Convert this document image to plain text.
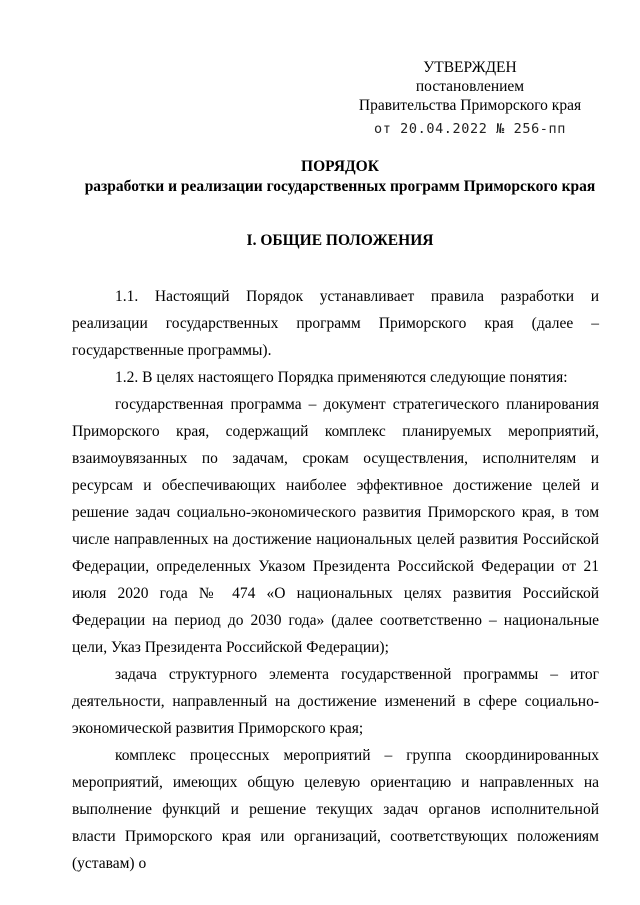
УТВЕРЖДЕН
постановлением
Правительства Приморского края
от 20.04.2022 № 256-пп
ПОРЯДОК
разработки и реализации государственных программ Приморского края
I. ОБЩИЕ ПОЛОЖЕНИЯ

1.1. Настоящий Порядок устанавливает правила разработки и реализации государственных программ Приморского края (далее – государственные программы).

1.2. В целях настоящего Порядка применяются следующие понятия:

государственная программа – документ стратегического планирования Приморского края, содержащий комплекс планируемых мероприятий, взаимоувязанных по задачам, срокам осуществления, исполнителям и ресурсам и обеспечивающих наиболее эффективное достижение целей и решение задач социально-экономического развития Приморского края, в том числе направленных на достижение национальных целей развития Российской Федерации, определенных Указом Президента Российской Федерации от 21 июля 2020 года № 474 «О национальных целях развития Российской Федерации на период до 2030 года» (далее соответственно – национальные цели, Указ Президента Российской Федерации);

задача структурного элемента государственной программы – итог деятельности, направленный на достижение изменений в сфере социально-экономической развития Приморского края;

комплекс процессных мероприятий – группа скоординированных мероприятий, имеющих общую целевую ориентацию и направленных на выполнение функций и решение текущих задач органов исполнительной власти Приморского края или организаций, соответствующих положениям (уставам) о
